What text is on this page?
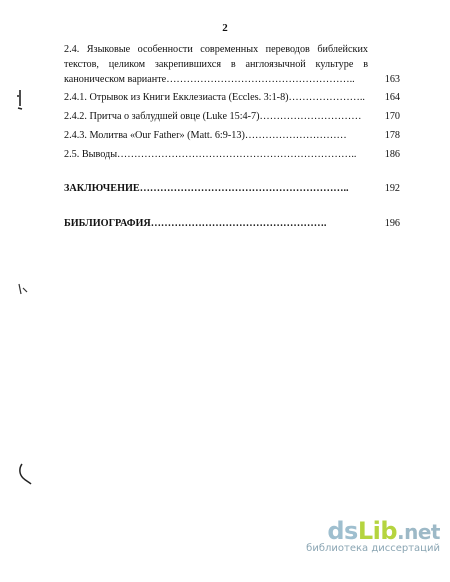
2
2.4. Языковые особенности современных переводов библейских
текстов, целиком закрепившихся в англоязычной культуре в
каноническом варианте………………………………………………..	163
2.4.1. Отрывок из Книги Екклезиаста (Eccles. 3:1-8)………………….. 164
2.4.2. Притча о заблудшей овце (Luke 15:4-7)………………………… 170
2.4.3. Молитва «Our Father» (Matt. 6:9-13)…………………………	178
2.5. Выводы……………………………………………………………..	186
ЗАКЛЮЧЕНИЕ……………………………………………………..	192
БИБЛИОГРАФИЯ…………………………………………….	196
ds Lib .net
библиотека диссертаций
